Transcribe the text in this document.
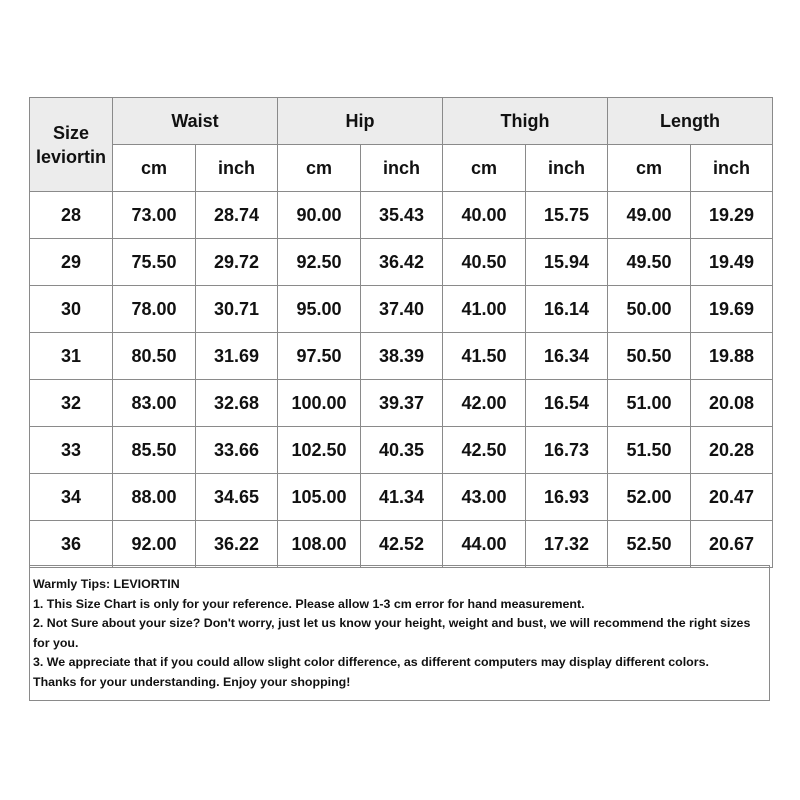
Size
leviortin	Waist		Hip		Thigh		Length	
	cm	inch	cm	inch	cm	inch	cm	inch
28	73.00	28.74	90.00	35.43	40.00	15.75	49.00	19.29
29	75.50	29.72	92.50	36.42	40.50	15.94	49.50	19.49
30	78.00	30.71	95.00	37.40	41.00	16.14	50.00	19.69
31	80.50	31.69	97.50	38.39	41.50	16.34	50.50	19.88
32	83.00	32.68	100.00	39.37	42.00	16.54	51.00	20.08
33	85.50	33.66	102.50	40.35	42.50	16.73	51.50	20.28
34	88.00	34.65	105.00	41.34	43.00	16.93	52.00	20.47
36	92.00	36.22	108.00	42.52	44.00	17.32	52.50	20.67
Warmly Tips: LEVIORTIN
1. This Size Chart is only for your reference. Please allow 1-3 cm error for hand measurement.
2. Not Sure about your size? Don't worry, just let us know your height, weight and bust, we will recommend the right sizes for you.
3. We appreciate that if you could allow slight color difference, as different computers may display different colors.
Thanks for your understanding. Enjoy your shopping!
